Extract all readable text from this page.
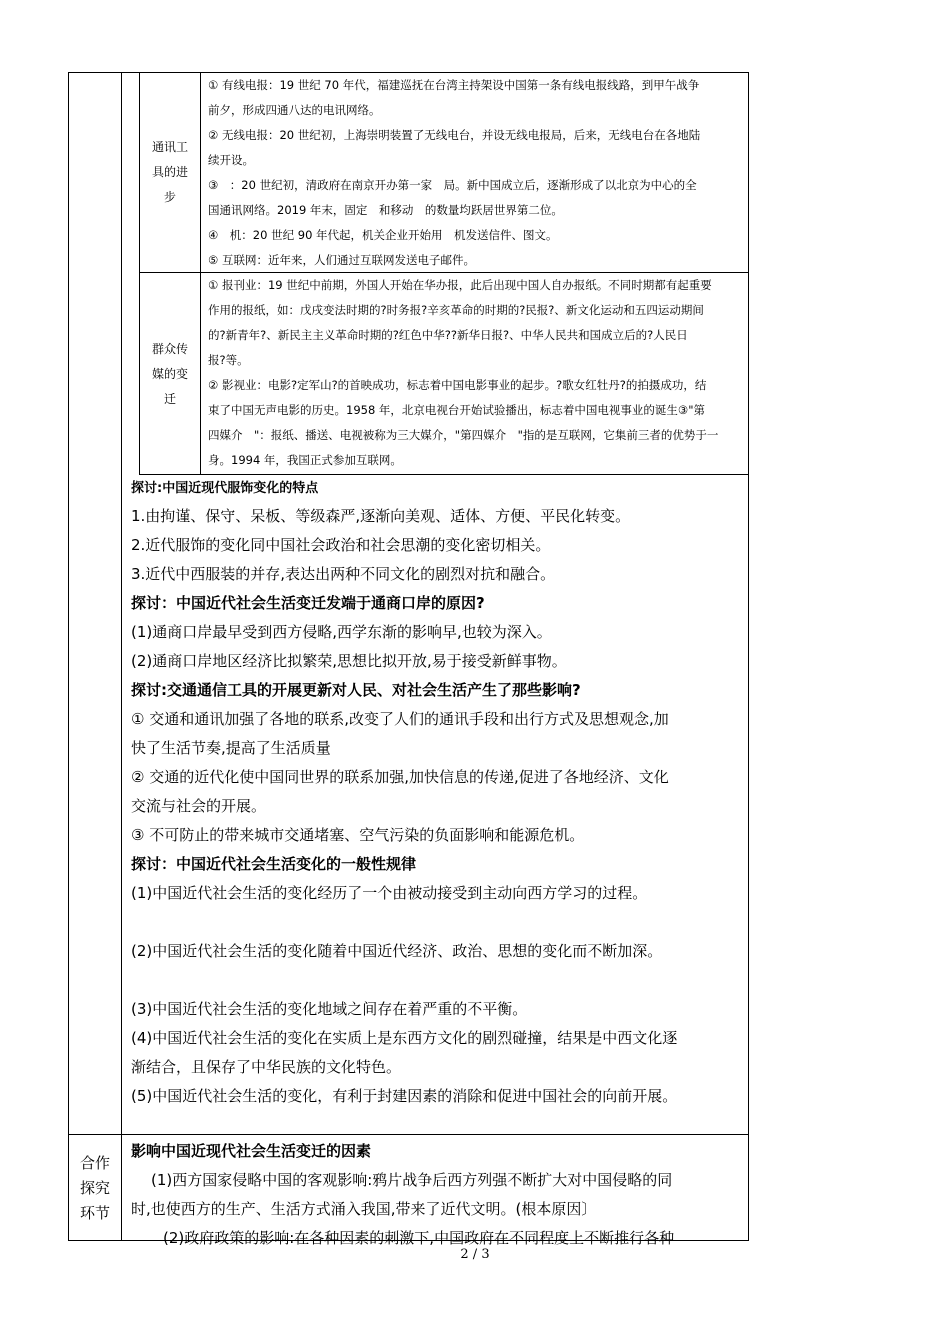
通讯工
具的进
步

① 有线电报：19 世纪 70 年代，福建巡抚在台湾主持架设中国第一条有线电报线路，到甲午战争

前夕，形成四通八达的电讯网络。

② 无线电报：20 世纪初，上海崇明装置了无线电台，并设无线电报局，后来，无线电台在各地陆

续开设。

③　：20 世纪初，清政府在南京开办第一家　局。新中国成立后，逐渐形成了以北京为中心的全

国通讯网络。2019 年末，固定　和移动　的数量均跃居世界第二位。

④　机：20 世纪 90 年代起，机关企业开始用　机发送信件、图文。

⑤ 互联网：近年来，人们通过互联网发送电子邮件。

群众传
媒的变
迁

① 报刊业：19 世纪中前期，外国人开始在华办报，此后出现中国人自办报纸。不同时期都有起重要

作用的报纸，如：戊戌变法时期的?时务报?辛亥革命的时期的?民报?、新文化运动和五四运动期间

的?新青年?、新民主主义革命时期的?红色中华??新华日报?、中华人民共和国成立后的?人民日

报?等。

② 影视业：电影?定军山?的首映成功，标志着中国电影事业的起步。?歌女红牡丹?的拍摄成功，结

束了中国无声电影的历史。1958 年，北京电视台开始试验播出，标志着中国电视事业的诞生③"第

四媒介　"：报纸、播送、电视被称为三大媒介，"第四媒介　"指的是互联网，它集前三者的优势于一

身。1994 年，我国正式参加互联网。

探讨:中国近现代服饰变化的特点

1.由拘谨、保守、呆板、等级森严,逐渐向美观、适体、方便、平民化转变。

2.近代服饰的变化同中国社会政治和社会思潮的变化密切相关。

3.近代中西服装的并存,表达出两种不同文化的剧烈对抗和融合。

探讨：中国近代社会生活变迁发端于通商口岸的原因?

(1)通商口岸最早受到西方侵略,西学东渐的影响早,也较为深入。

(2)通商口岸地区经济比拟繁荣,思想比拟开放,易于接受新鲜事物。

探讨:交通通信工具的开展更新对人民、对社会生活产生了那些影响?

① 交通和通讯加强了各地的联系,改变了人们的通讯手段和出行方式及思想观念,加

快了生活节奏,提高了生活质量

② 交通的近代化使中国同世界的联系加强,加快信息的传递,促进了各地经济、文化

交流与社会的开展。

③ 不可防止的带来城市交通堵塞、空气污染的负面影响和能源危机。

探讨：中国近代社会生活变化的一般性规律

(1)中国近代社会生活的变化经历了一个由被动接受到主动向西方学习的过程。

(2)中国近代社会生活的变化随着中国近代经济、政治、思想的变化而不断加深。

(3)中国近代社会生活的变化地域之间存在着严重的不平衡。

(4)中国近代社会生活的变化在实质上是东西方文化的剧烈碰撞，结果是中西文化逐

渐结合，且保存了中华民族的文化特色。

(5)中国近代社会生活的变化，有利于封建因素的消除和促进中国社会的向前开展。

合作
探究
环节

影响中国近现代社会生活变迁的因素

(1)西方国家侵略中国的客观影响:鸦片战争后西方列强不断扩大对中国侵略的同

时,也使西方的生产、生活方式涌入我国,带来了近代文明。(根本原因〕

(2)政府政策的影响:在各种因素的刺激下,中国政府在不同程度上不断推行各种

2 / 3
